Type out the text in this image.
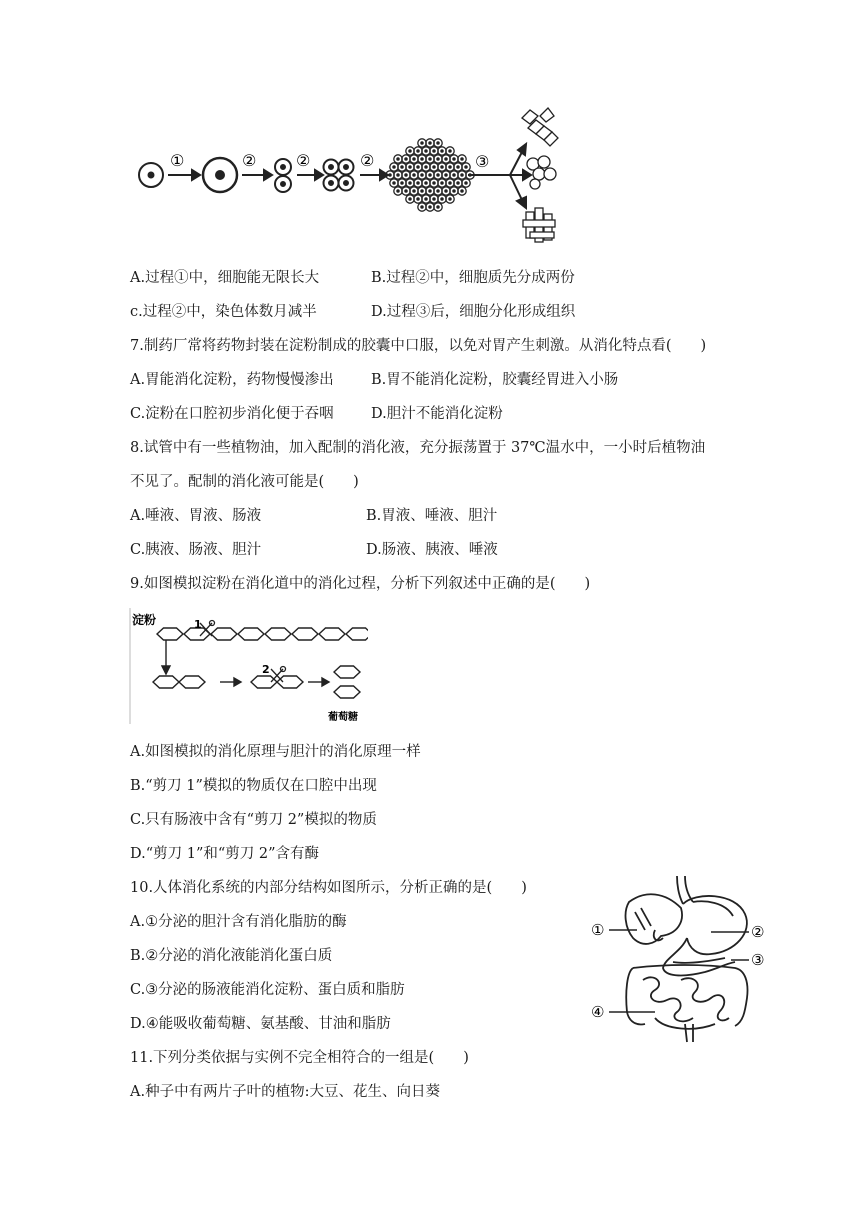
①	② ②	②	③
A.过程①中，细胞能无限长大	B.过程②中，细胞质先分成两份
c.过程②中，染色体数月减半	D.过程③后，细胞分化形成组织
7.制药厂常将药物封装在淀粉制成的胶囊中口服，以免对胃产生刺激。从消化特点看(　　)
A.胃能消化淀粉，药物慢慢渗出	B.胃不能消化淀粉，胶囊经胃进入小肠
C.淀粉在口腔初步消化便于吞咽	D.胆汁不能消化淀粉
8.试管中有一些植物油，加入配制的消化液，充分振荡置于 37℃温水中，一小时后植物油
不见了。配制的消化液可能是(　　)
A.唾液、胃液、肠液	B.胃液、唾液、胆汁
C.胰液、肠液、胆汁	D.肠液、胰液、唾液
9.如图模拟淀粉在消化道中的消化过程，分析下列叙述中正确的是(　　)
淀粉	1
2
葡萄糖
A.如图模拟的消化原理与胆汁的消化原理一样
B.“剪刀 1”模拟的物质仅在口腔中出现
C.只有肠液中含有“剪刀 2”模拟的物质
D.“剪刀 1”和“剪刀 2”含有酶
10.人体消化系统的内部分结构如图所示，分析正确的是(　　)
A.①分泌的胆汁含有消化脂肪的酶
B.②分泌的消化液能消化蛋白质
C.③分泌的肠液能消化淀粉、蛋白质和脂肪
D.④能吸收葡萄糖、氨基酸、甘油和脂肪
①	②
③
④
11.下列分类依据与实例不完全相符合的一组是(　　)
A.种子中有两片子叶的植物:大豆、花生、向日葵
